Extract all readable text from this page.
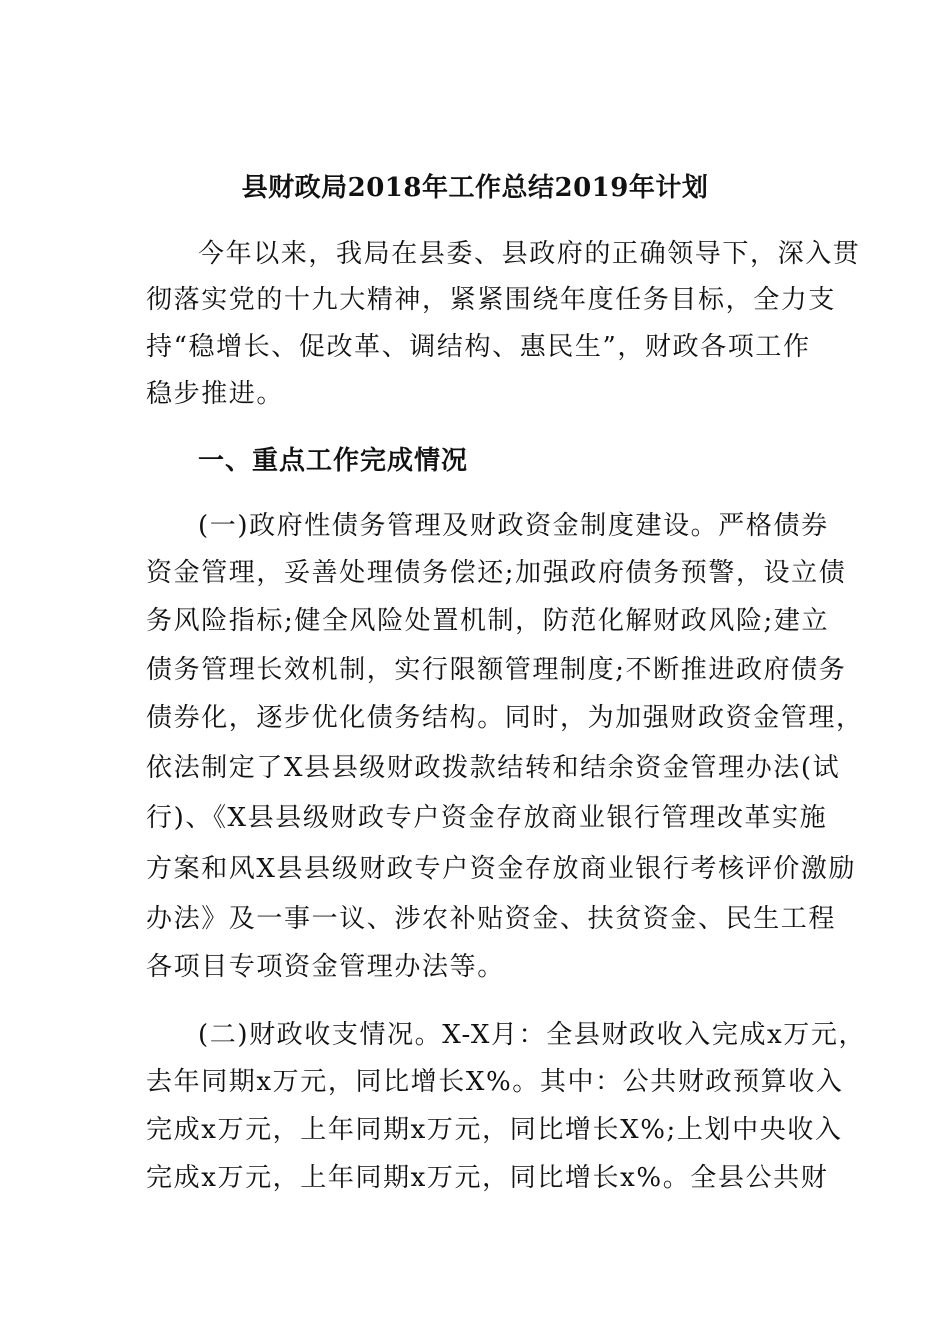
县财政局2018年工作总结2019年计划
今年以来，我局在县委、县政府的正确领导下，深入贯
彻落实党的十九大精神，紧紧围绕年度任务目标，全力支
持“稳增长、促改革、调结构、惠民生”，财政各项工作
稳步推进。
一、重点工作完成情况
(一)政府性债务管理及财政资金制度建设。严格债券
资金管理，妥善处理债务偿还;加强政府债务预警，设立债
务风险指标;健全风险处置机制，防范化解财政风险;建立
债务管理长效机制，实行限额管理制度;不断推进政府债务
债券化，逐步优化债务结构。同时，为加强财政资金管理，
依法制定了X县县级财政拨款结转和结余资金管理办法(试
行)、《X县县级财政专户资金存放商业银行管理改革实施
方案和风X县县级财政专户资金存放商业银行考核评价激励
办法》及一事一议、涉农补贴资金、扶贫资金、民生工程
各项目专项资金管理办法等。
(二)财政收支情况。X-X月：全县财政收入完成x万元，
去年同期x万元，同比增长X%。其中：公共财政预算收入
完成x万元，上年同期x万元，同比增长X%;上划中央收入
完成x万元，上年同期x万元，同比增长x%。全县公共财
